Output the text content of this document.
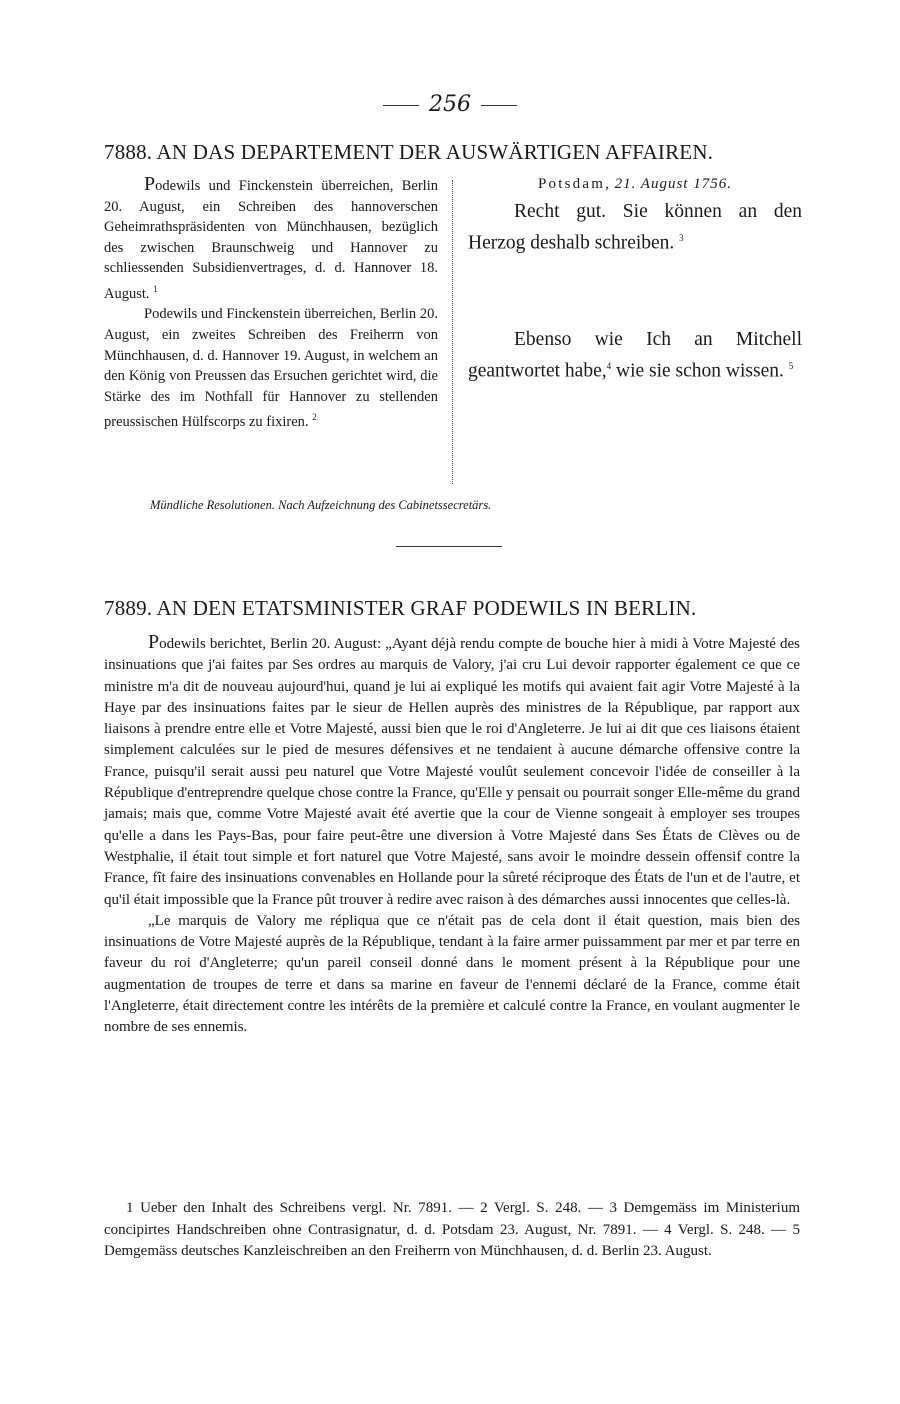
256
7888. AN DAS DEPARTEMENT DER AUSWÄRTIGEN AFFAIREN.

Podewils und Finckenstein überreichen, Berlin 20. August, ein Schreiben des hannoverschen Geheimrathspräsidenten von Münchhausen, bezüglich des zwischen Braunschweig und Hannover zu schliessenden Subsidienvertrages, d. d. Hannover 18. August. $^1$

Podewils und Finckenstein überreichen, Berlin 20. August, ein zweites Schreiben des Freiherrn von Münchhausen, d. d. Hannover 19. August, in welchem an den König von Preussen das Ersuchen gerichtet wird, die Stärke des im Nothfall für Hannover zu stellenden preussischen Hülfscorps zu fixiren. $^2$

Potsdam, 21. August 1756.
Recht gut. Sie können an den Herzog deshalb schreiben. $^3$
Ebenso wie Ich an Mitchell geantwortet habe,$^4$ wie sie schon wissen. $^5$
Mündliche Resolutionen. Nach Aufzeichnung des Cabinetssecretärs.
7889. AN DEN ETATSMINISTER GRAF PODEWILS IN BERLIN.

Podewils berichtet, Berlin 20. August: „Ayant déjà rendu compte de bouche hier à midi à Votre Majesté des insinuations que j'ai faites par Ses ordres au marquis de Valory, j'ai cru Lui devoir rapporter également ce que ce ministre m'a dit de nouveau aujourd'hui, quand je lui ai expliqué les motifs qui avaient fait agir Votre Majesté à la Haye par des insinuations faites par le sieur de Hellen auprès des ministres de la République, par rapport aux liaisons à prendre entre elle et Votre Majesté, aussi bien que le roi d'Angleterre. Je lui ai dit que ces liaisons étaient simplement calculées sur le pied de mesures défensives et ne tendaient à aucune démarche offensive contre la France, puisqu'il serait aussi peu naturel que Votre Majesté voulût seulement concevoir l'idée de conseiller à la République d'entreprendre quelque chose contre la France, qu'Elle y pensait ou pourrait songer Elle-même du grand jamais; mais que, comme Votre Majesté avait été avertie que la cour de Vienne songeait à employer ses troupes qu'elle a dans les Pays-Bas, pour faire peut-être une diversion à Votre Majesté dans Ses États de Clèves ou de Westphalie, il était tout simple et fort naturel que Votre Majesté, sans avoir le moindre dessein offensif contre la France, fît faire des insinuations convenables en Hollande pour la sûreté réciproque des États de l'un et de l'autre, et qu'il était impossible que la France pût trouver à redire avec raison à des démarches aussi innocentes que celles-là.

„Le marquis de Valory me répliqua que ce n'était pas de cela dont il était question, mais bien des insinuations de Votre Majesté auprès de la République, tendant à la faire armer puissamment par mer et par terre en faveur du roi d'Angleterre; qu'un pareil conseil donné dans le moment présent à la République pour une augmentation de troupes de terre et dans sa marine en faveur de l'ennemi déclaré de la France, comme était l'Angleterre, était directement contre les intérêts de la première et calculé contre la France, en voulant augmenter le nombre de ses ennemis.

1 Ueber den Inhalt des Schreibens vergl. Nr. 7891. — 2 Vergl. S. 248. — 3 Demgemäss im Ministerium concipirtes Handschreiben ohne Contrasignatur, d. d. Potsdam 23. August, Nr. 7891. — 4 Vergl. S. 248. — 5 Demgemäss deutsches Kanzleischreiben an den Freiherrn von Münchhausen, d. d. Berlin 23. August.
